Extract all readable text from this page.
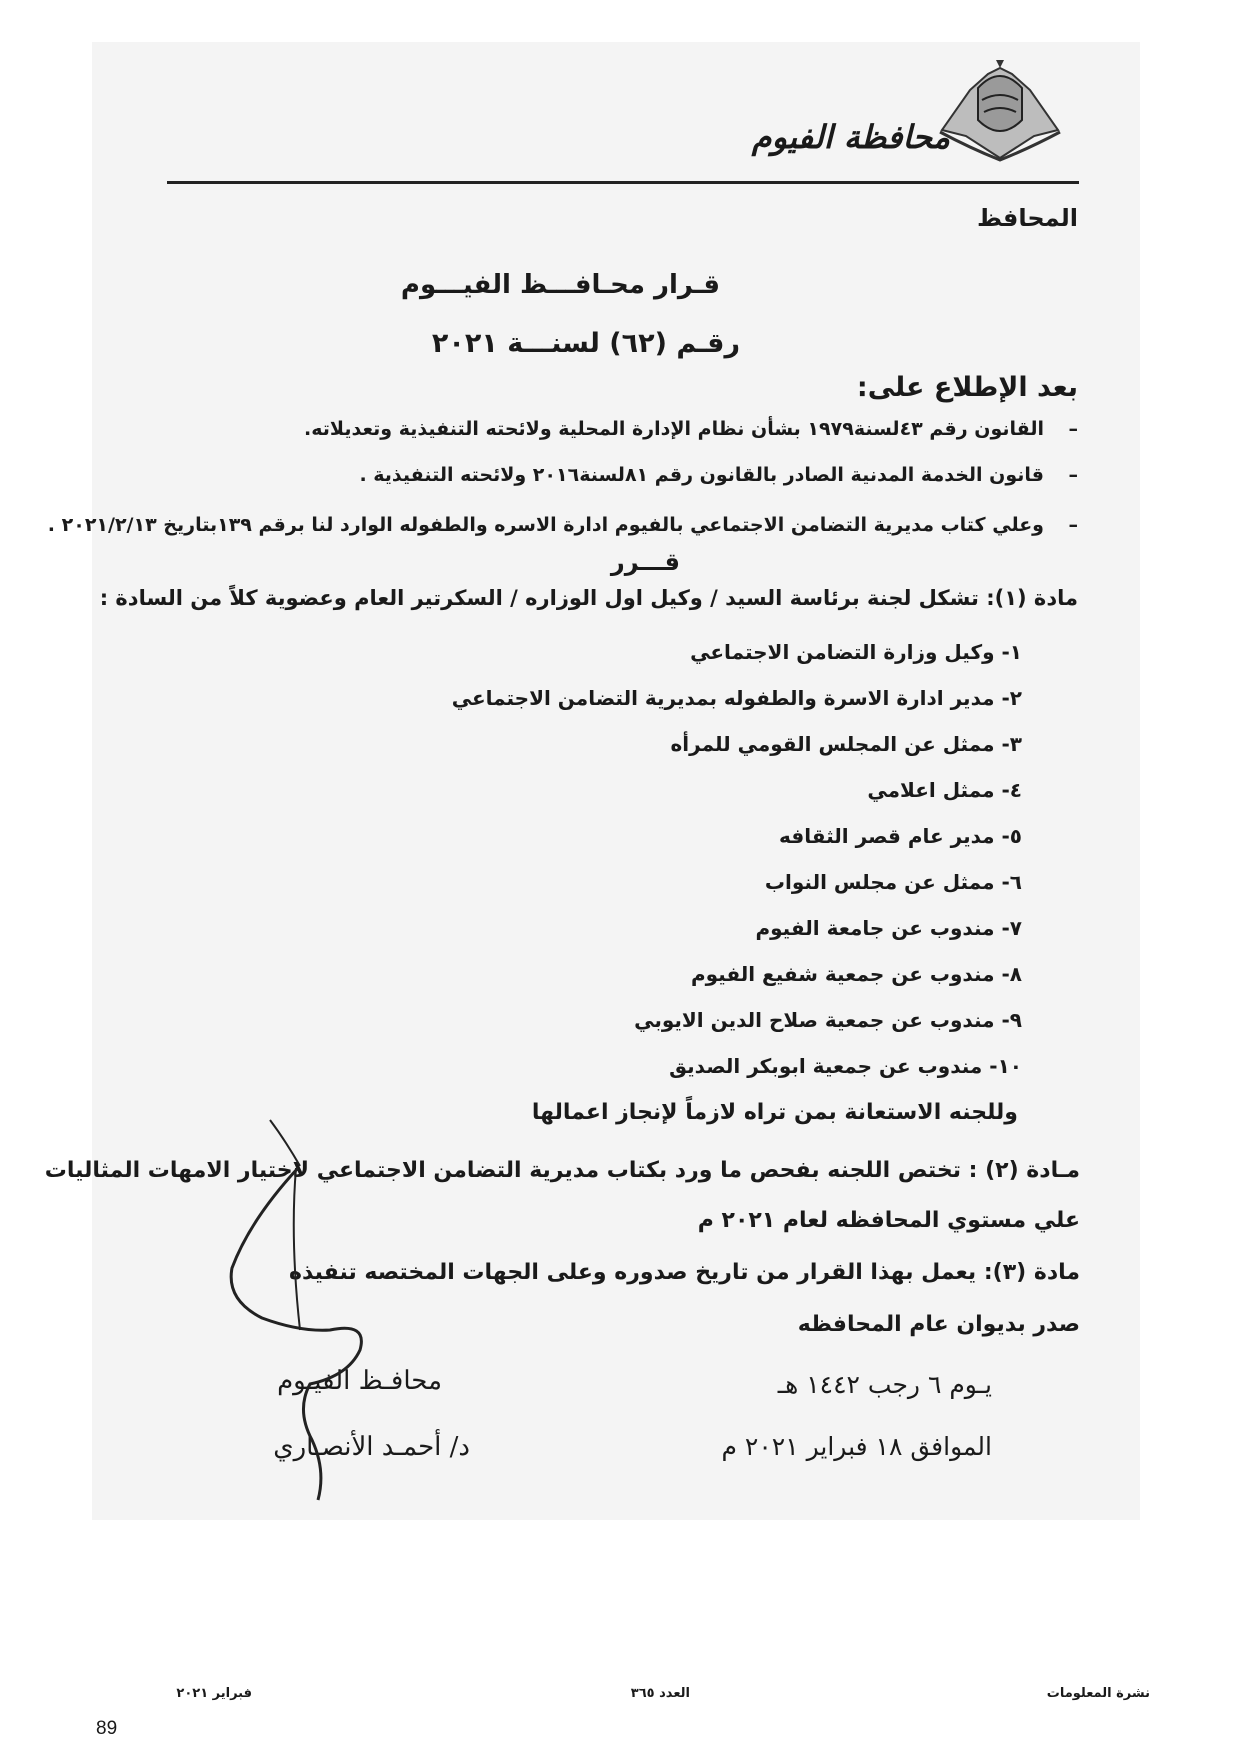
محافظة الفيوم
المحافظ
قـرار محـافـــظ الفيـــوم
رقـم (٦٢) لسنـــة ٢٠٢١
بعد الإطلاع على:
–
القانون رقم ٤٣لسنة١٩٧٩ بشأن نظام الإدارة المحلية ولائحته التنفيذية وتعديلاته.
–
قانون الخدمة المدنية الصادر بالقانون رقم ٨١لسنة٢٠١٦ ولائحته التنفيذية .
–
وعلي كتاب مديرية التضامن الاجتماعي بالفيوم ادارة الاسره والطفوله الوارد لنا برقم ١٣٩بتاريخ ٢٠٢١/٢/١٣ .
قـــرر
مادة (١): تشكل لجنة برئاسة السيد / وكيل اول الوزاره / السكرتير العام وعضوية كلاً من السادة :
١- وكيل وزارة التضامن الاجتماعي
٢- مدير ادارة الاسرة والطفوله بمديرية التضامن الاجتماعي
٣- ممثل عن المجلس القومي للمرأه
٤- ممثل اعلامي
٥- مدير عام قصر الثقافه
٦- ممثل عن مجلس النواب
٧- مندوب عن جامعة الفيوم
٨- مندوب عن جمعية شفيع الفيوم
٩- مندوب عن جمعية صلاح الدين الايوبي
١٠- مندوب عن جمعية ابوبكر الصديق
وللجنه الاستعانة بمن تراه لازماً لإنجاز اعمالها
مـادة (٢) : تختص اللجنه بفحص ما ورد بكتاب مديرية التضامن الاجتماعي لاختيار الامهات المثاليات
علي مستوي المحافظه لعام ٢٠٢١ م
مادة (٣): يعمل بهذا القرار من تاريخ صدوره وعلى الجهات المختصه تنفيذه
صدر بديوان عام المحافظه
يـوم ٦ رجب ١٤٤٢ هـ
الموافق ١٨ فبراير ٢٠٢١ م
محافـظ الفيـوم
د/ أحمـد الأنصـاري
نشرة المعلومات
العدد ٣٦٥
فبراير ٢٠٢١
89
